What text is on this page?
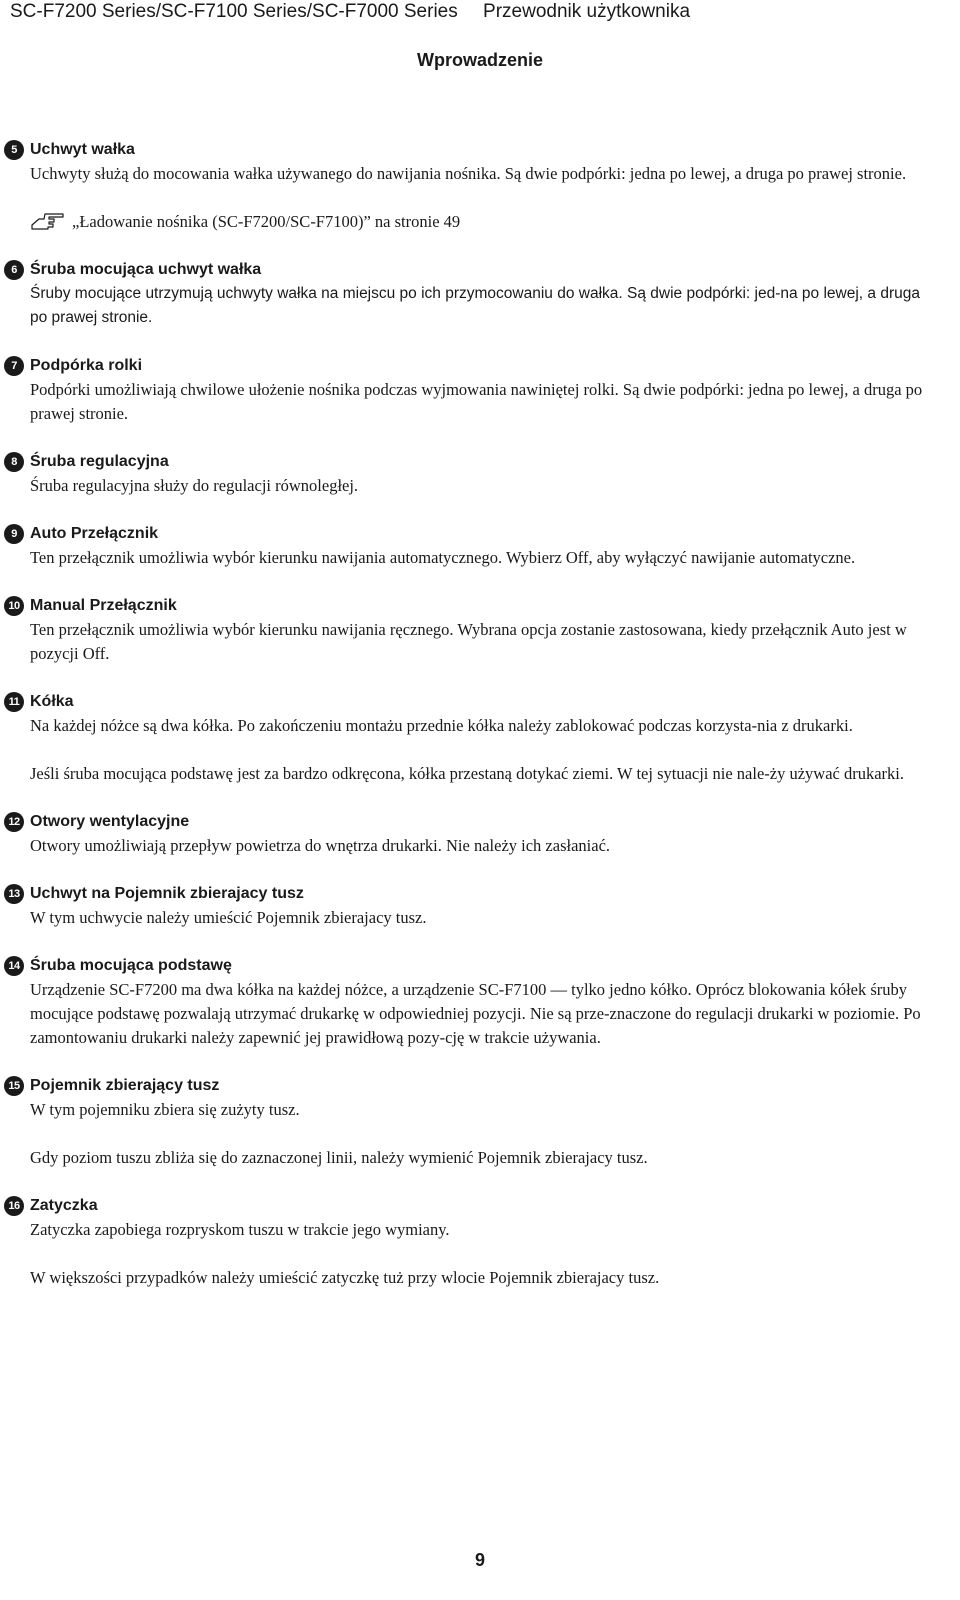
SC-F7200 Series/SC-F7100 Series/SC-F7000 Series Przewodnik użytkownika
Wprowadzenie
5 Uchwyt wałka

Uchwyty służą do mocowania wałka używanego do nawijania nośnika. Są dwie podpórki: jedna po lewej, a druga po prawej stronie.

„Ładowanie nośnika (SC-F7200/SC-F7100)” na stronie 49
6 Śruba mocująca uchwyt wałka

Śruby mocujące utrzymują uchwyty wałka na miejscu po ich przymocowaniu do wałka. Są dwie podpórki: jed-na po lewej, a druga po prawej stronie.

7 Podpórka rolki

Podpórki umożliwiają chwilowe ułożenie nośnika podczas wyjmowania nawiniętej rolki. Są dwie podpórki: jedna po lewej, a druga po prawej stronie.

8 Śruba regulacyjna

Śruba regulacyjna służy do regulacji równoległej.

9 Auto Przełącznik

Ten przełącznik umożliwia wybór kierunku nawijania automatycznego. Wybierz Off, aby wyłączyć nawijanie automatyczne.

10 Manual Przełącznik

Ten przełącznik umożliwia wybór kierunku nawijania ręcznego. Wybrana opcja zostanie zastosowana, kiedy przełącznik Auto jest w pozycji Off.

11 Kółka

Na każdej nóżce są dwa kółka. Po zakończeniu montażu przednie kółka należy zablokować podczas korzysta-nia z drukarki.

Jeśli śruba mocująca podstawę jest za bardzo odkręcona, kółka przestaną dotykać ziemi. W tej sytuacji nie nale-ży używać drukarki.

12 Otwory wentylacyjne

Otwory umożliwiają przepływ powietrza do wnętrza drukarki. Nie należy ich zasłaniać.

13 Uchwyt na Pojemnik zbierajacy tusz

W tym uchwycie należy umieścić Pojemnik zbierajacy tusz.

14 Śruba mocująca podstawę

Urządzenie SC-F7200 ma dwa kółka na każdej nóżce, a urządzenie SC-F7100 — tylko jedno kółko. Oprócz blokowania kółek śruby mocujące podstawę pozwalają utrzymać drukarkę w odpowiedniej pozycji. Nie są prze-znaczone do regulacji drukarki w poziomie. Po zamontowaniu drukarki należy zapewnić jej prawidłową pozy-cję w trakcie używania.

15 Pojemnik zbierający tusz

W tym pojemniku zbiera się zużyty tusz.

Gdy poziom tuszu zbliża się do zaznaczonej linii, należy wymienić Pojemnik zbierajacy tusz.

16 Zatyczka

Zatyczka zapobiega rozpryskom tuszu w trakcie jego wymiany.

W większości przypadków należy umieścić zatyczkę tuż przy wlocie Pojemnik zbierajacy tusz.

9
